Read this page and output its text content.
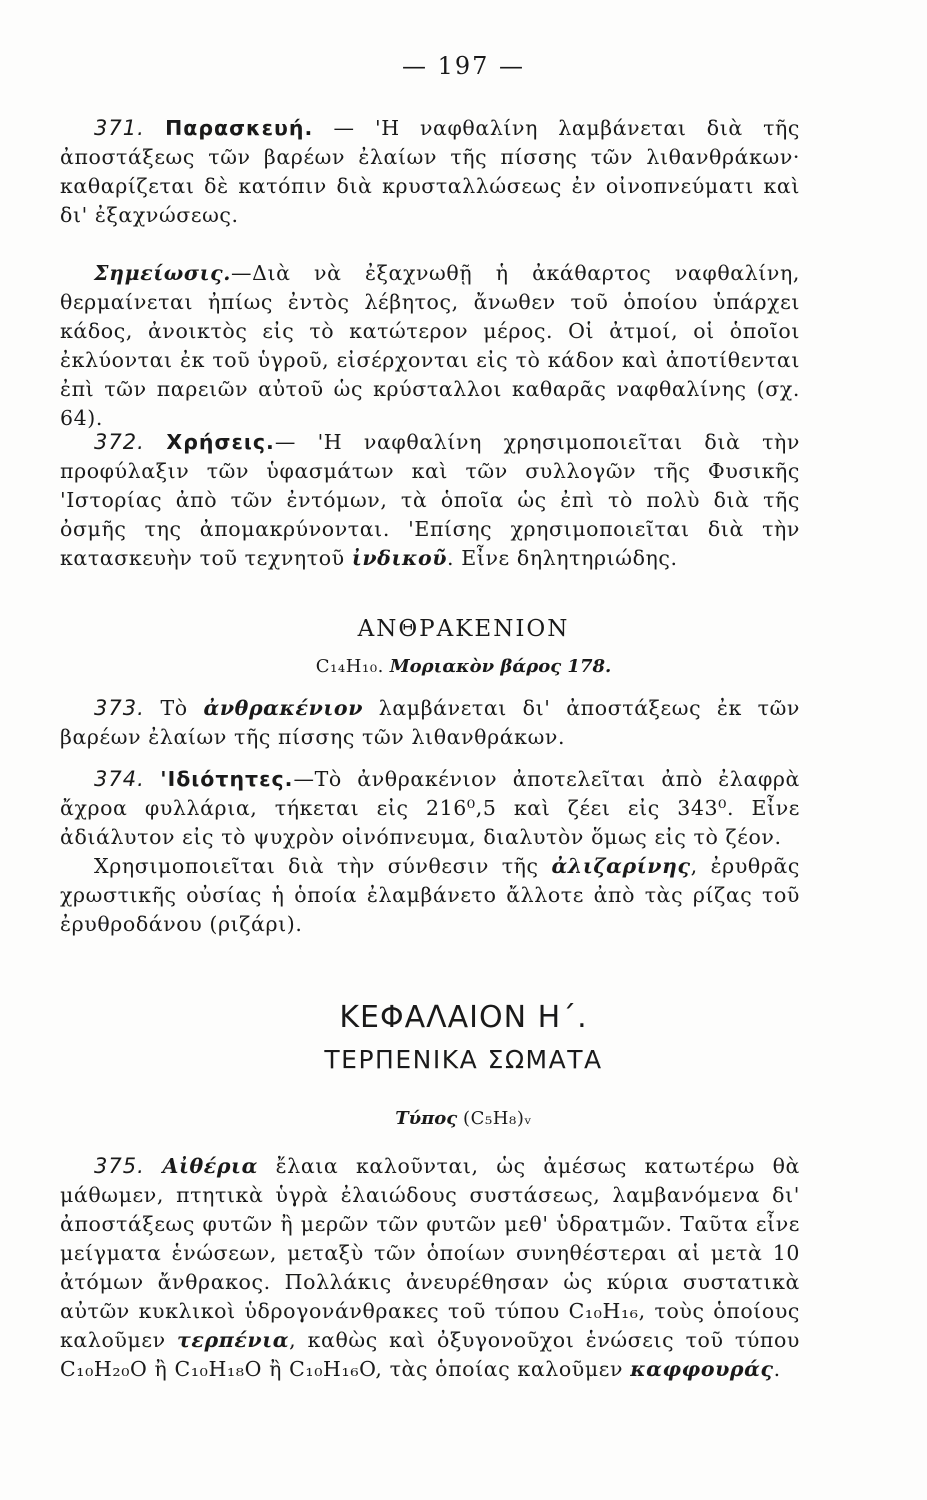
— 197 —

371. Παρασκευή. — 'Η ναφθαλίνη λαμβάνεται διὰ τῆς ἀποστάξεως τῶν βαρέων ἐλαίων τῆς πίσσης τῶν λιθανθράκων· καθαρίζεται δὲ κατόπιν διὰ κρυσταλλώσεως ἐν οἰνοπνεύματι καὶ δι' ἐξαχνώσεως.

Σημείωσις.—Διὰ νὰ ἐξαχνωθῇ ἡ ἀκάθαρτος ναφθαλίνη, θερμαίνεται ἠπίως ἐντὸς λέβητος, ἄνωθεν τοῦ ὁποίου ὑπάρχει κάδος, ἀνοικτὸς εἰς τὸ κατώτερον μέρος. Οἱ ἀτμοί, οἱ ὁποῖοι ἐκλύονται ἐκ τοῦ ὑγροῦ, εἰσέρχονται εἰς τὸ κάδον καὶ ἀποτίθενται ἐπὶ τῶν παρειῶν αὐτοῦ ὡς κρύσταλλοι καθαρᾶς ναφθαλίνης (σχ. 64).

372. Χρήσεις.— 'Η ναφθαλίνη χρησιμοποιεῖται διὰ τὴν προφύλαξιν τῶν ὑφασμάτων καὶ τῶν συλλογῶν τῆς Φυσικῆς 'Ιστορίας ἀπὸ τῶν ἐντόμων, τὰ ὁποῖα ὡς ἐπὶ τὸ πολὺ διὰ τῆς ὀσμῆς της ἀπομακρύνονται. 'Επίσης χρησιμοποιεῖται διὰ τὴν κατασκευὴν τοῦ τεχνητοῦ ἰνδικοῦ. Εἶνε δηλητηριώδης.

ΑΝΘΡΑΚΕΝΙΟΝ
C₁₄H₁₀. Μοριακὸν βάρος 178.

373. Τὸ ἀνθρακένιον λαμβάνεται δι' ἀποστάξεως ἐκ τῶν βαρέων ἐλαίων τῆς πίσσης τῶν λιθανθράκων.

374. 'Ιδιότητες.—Τὸ ἀνθρακένιον ἀποτελεῖται ἀπὸ ἐλαφρὰ ἄχροα φυλλάρια, τήκεται εἰς 216⁰,5 καὶ ζέει εἰς 343⁰. Εἶνε ἀδιάλυτον εἰς τὸ ψυχρὸν οἰνόπνευμα, διαλυτὸν ὅμως εἰς τὸ ζέον.

Χρησιμοποιεῖται διὰ τὴν σύνθεσιν τῆς ἀλιζαρίνης, ἐρυθρᾶς χρωστικῆς οὐσίας ἡ ὁποία ἐλαμβάνετο ἄλλοτε ἀπὸ τὰς ρίζας τοῦ ἐρυθροδάνου (ριζάρι).

ΚΕΦΑΛΑΙΟΝ Η΄.
ΤΕΡΠΕΝΙΚΑ ΣΩΜΑΤΑ
Τύπος (C₅H₈)ᵥ

375. Αἰθέρια ἔλαια καλοῦνται, ὡς ἀμέσως κατωτέρω θὰ μάθωμεν, πτητικὰ ὑγρὰ ἐλαιώδους συστάσεως, λαμβανόμενα δι' ἀποστάξεως φυτῶν ἢ μερῶν τῶν φυτῶν μεθ' ὑδρατμῶν. Ταῦτα εἶνε μείγματα ἑνώσεων, μεταξὺ τῶν ὁποίων συνηθέστεραι αἱ μετὰ 10 ἀτόμων ἄνθρακος. Πολλάκις ἀνευρέθησαν ὡς κύρια συστατικὰ αὐτῶν κυκλικοὶ ὑδρογονάνθρακες τοῦ τύπου C₁₀H₁₆, τοὺς ὁποίους καλοῦμεν τερπένια, καθὼς καὶ ὀξυγονοῦχοι ἑνώσεις τοῦ τύπου C₁₀H₂₀O ἢ C₁₀H₁₈O ἢ C₁₀H₁₆O, τὰς ὁποίας καλοῦμεν καφφουράς.
